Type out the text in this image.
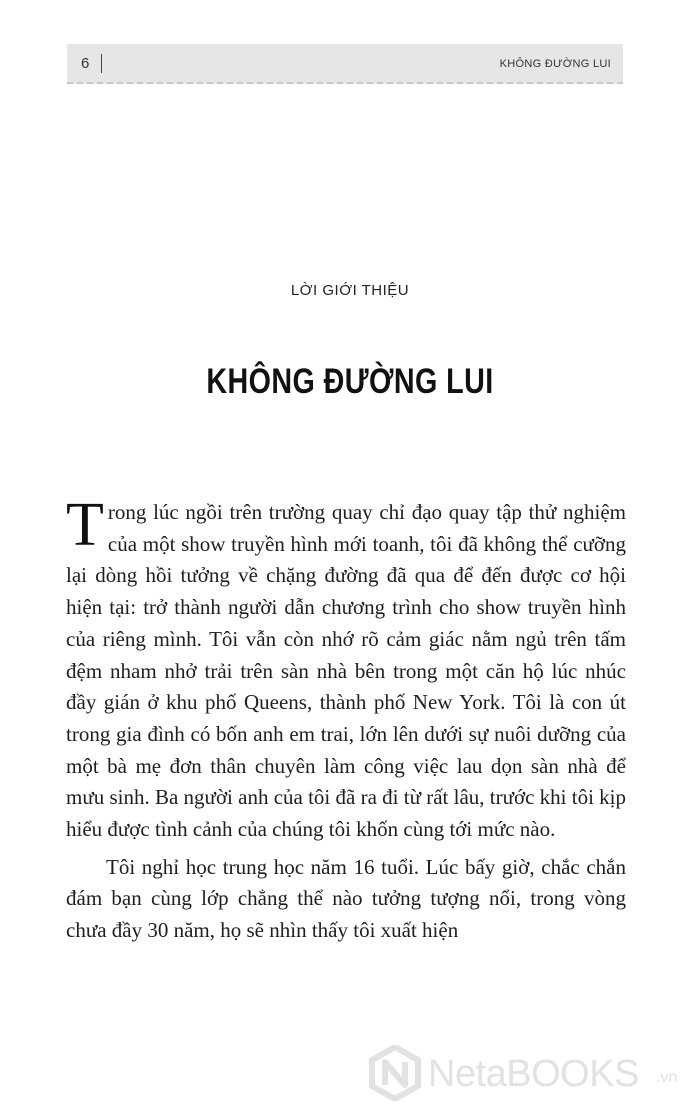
6	KHÔNG ĐƯỜNG LUI
LỜI GIỚI THIỆU
KHÔNG ĐƯỜNG LUI

Trong lúc ngồi trên trường quay chỉ đạo quay tập thử nghiệm của một show truyền hình mới toanh, tôi đã không thể cưỡng lại dòng hồi tưởng về chặng đường đã qua để đến được cơ hội hiện tại: trở thành người dẫn chương trình cho show truyền hình của riêng mình. Tôi vẫn còn nhớ rõ cảm giác nằm ngủ trên tấm đệm nham nhở trải trên sàn nhà bên trong một căn hộ lúc nhúc đầy gián ở khu phố Queens, thành phố New York. Tôi là con út trong gia đình có bốn anh em trai, lớn lên dưới sự nuôi dưỡng của một bà mẹ đơn thân chuyên làm công việc lau dọn sàn nhà để mưu sinh. Ba người anh của tôi đã ra đi từ rất lâu, trước khi tôi kịp hiểu được tình cảnh của chúng tôi khốn cùng tới mức nào.

Tôi nghỉ học trung học năm 16 tuổi. Lúc bấy giờ, chắc chắn đám bạn cùng lớp chẳng thể nào tưởng tượng nổi, trong vòng chưa đầy 30 năm, họ sẽ nhìn thấy tôi xuất hiện

NetaBOOKS .vn
